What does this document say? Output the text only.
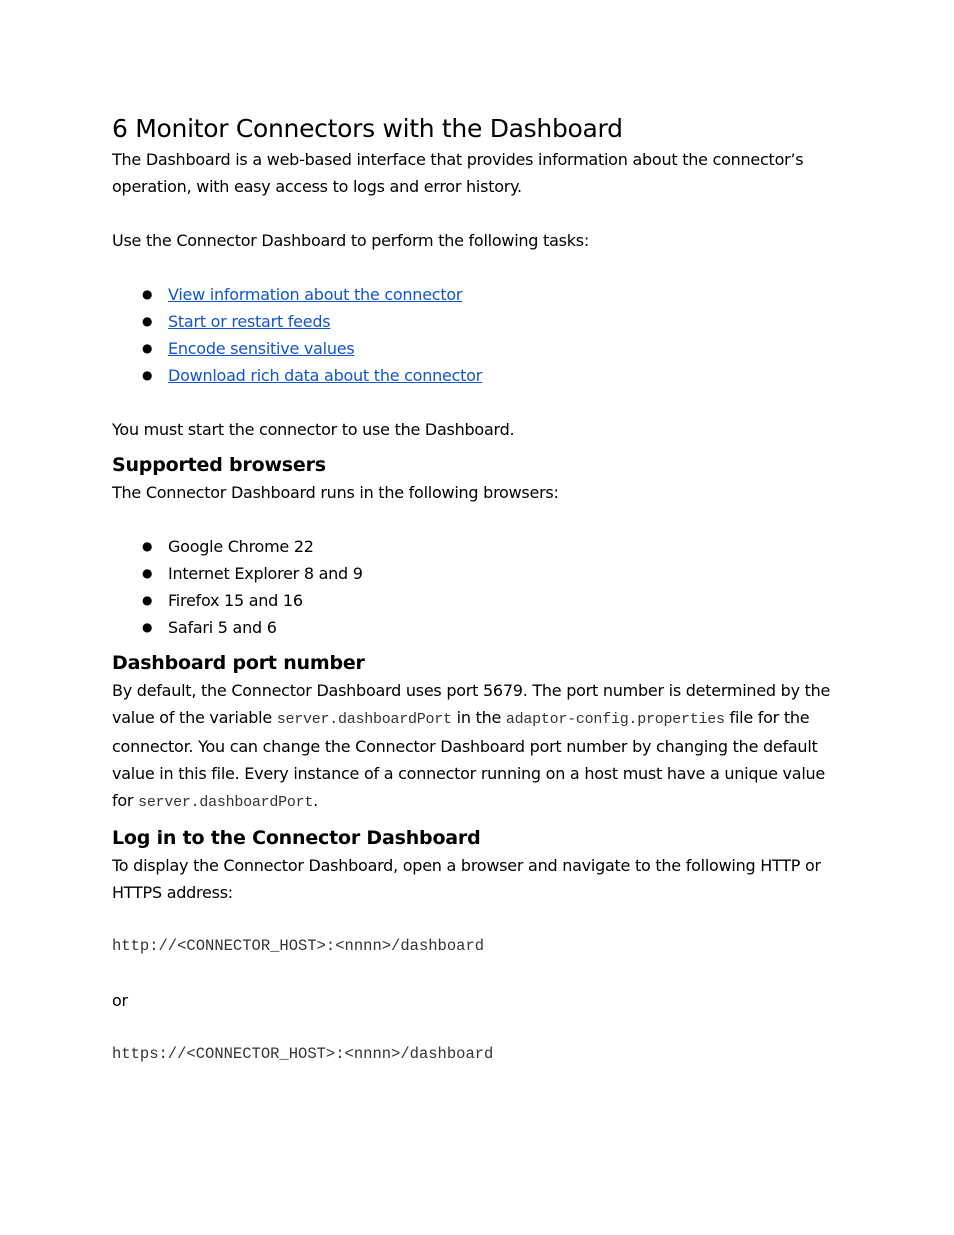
6 Monitor Connectors with the Dashboard

The Dashboard is a web-based interface that provides information about the connector’s operation, with easy access to logs and error history.

Use the Connector Dashboard to perform the following tasks:

● View information about the connector
● Start or restart feeds
● Encode sensitive values
● Download rich data about the connector

You must start the connector to use the Dashboard.

Supported browsers

The Connector Dashboard runs in the following browsers:

● Google Chrome 22
● Internet Explorer 8 and 9
● Firefox 15 and 16
● Safari 5 and 6
Dashboard port number

By default, the Connector Dashboard uses port 5679. The port number is determined by the value of the variable server.dashboardPort in the adaptor-config.properties file for the connector. You can change the Connector Dashboard port number by changing the default value in this file. Every instance of a connector running on a host must have a unique value for server.dashboardPort.

Log in to the Connector Dashboard

To display the Connector Dashboard, open a browser and navigate to the following HTTP or HTTPS address:

http://<CONNECTOR_HOST>:<nnnn>/dashboard

or

https://<CONNECTOR_HOST>:<nnnn>/dashboard
